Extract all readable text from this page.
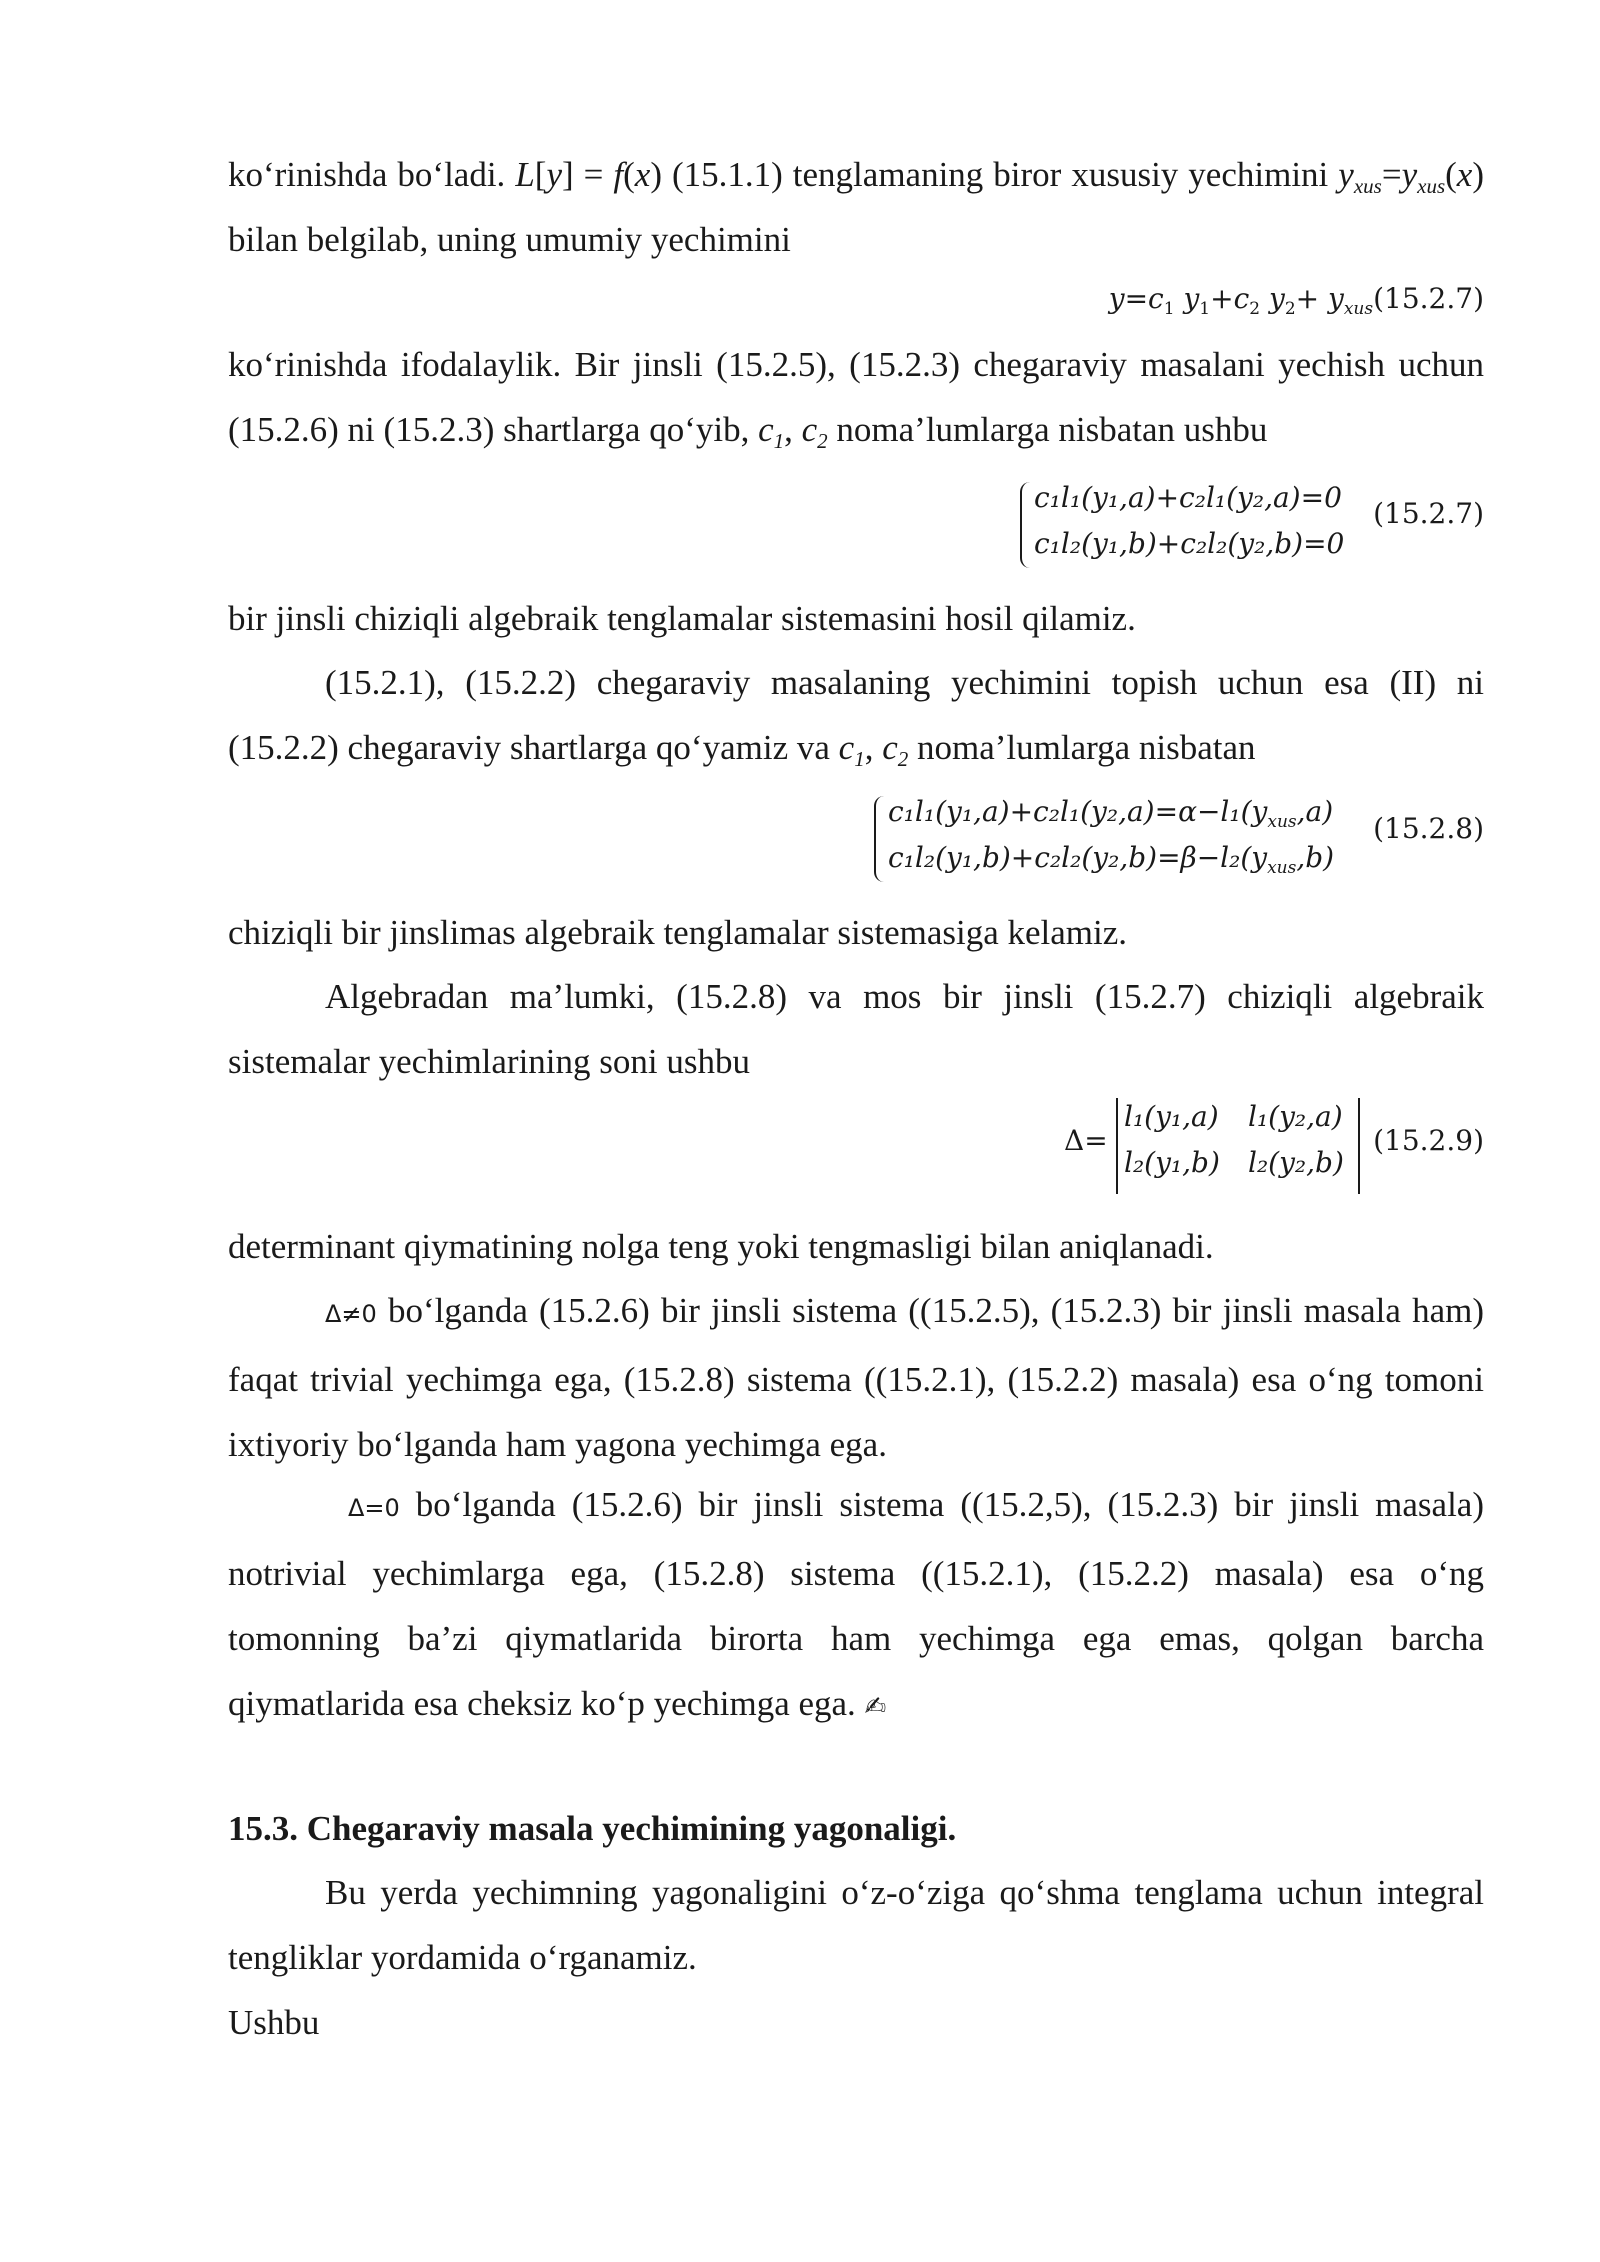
ko‘rinishda bo‘ladi. L[y] = f(x) (15.1.1) tenglamaning biror xususiy yechimini $y_{xus}=y_{xus}(x)$ bilan belgilab, uning umumiy yechimini

$y=c_1$ $y_1+c_2$ $y_2+ y_{xus}(15.2.7)$

ko‘rinishda ifodalaylik. Bir jinsli (15.2.5), (15.2.3) chegaraviy masalani yechish uchun (15.2.6) ni (15.2.3) shartlarga qo‘yib, $c_1$, $c_2$ noma’lumlarga nisbatan ushbu

c₁l₁(y₁,a)+c₂l₁(y₂,a)=0
c₁l₂(y₁,b)+c₂l₂(y₂,b)=0
(15.2.7)

bir jinsli chiziqli algebraik tenglamalar sistemasini hosil qilamiz.

(15.2.1), (15.2.2) chegaraviy masalaning yechimini topish uchun esa (II) ni (15.2.2) chegaraviy shartlarga qo‘yamiz va $c_1$, $c_2$ noma’lumlarga nisbatan

$c_1l_1(y_1,a)+c_2l_1(y_2,a)=\alpha-l_1(y_{xus},a)$
$c_1l_2(y_1,b)+c_2l_2(y_2,b)=\beta-l_2(y_{xus},b)$
(15.2.8)

chiziqli bir jinslimas algebraik tenglamalar sistemasiga kelamiz.

Algebradan ma’lumki, (15.2.8) va mos bir jinsli (15.2.7) chiziqli algebraik sistemalar yechimlarining soni ushbu

Δ=
l₁(y₁,a) l₁(y₂,a)
l₂(y₁,b) l₂(y₂,b)
(15.2.9)

determinant qiymatining nolga teng yoki tengmasligi bilan aniqlanadi.

Δ≠0 bo‘lganda (15.2.6) bir jinsli sistema ((15.2.5), (15.2.3) bir jinsli masala ham) faqat trivial yechimga ega, (15.2.8) sistema ((15.2.1), (15.2.2) masala) esa o‘ng tomoni ixtiyoriy bo‘lganda ham yagona yechimga ega.

Δ=0 bo‘lganda (15.2.6) bir jinsli sistema ((15.2,5), (15.2.3) bir jinsli masala) notrivial yechimlarga ega, (15.2.8) sistema ((15.2.1), (15.2.2) masala) esa o‘ng tomonning ba’zi qiymatlarida birorta ham yechimga ega emas, qolgan barcha qiymatlarida esa cheksiz ko‘p yechimga ega. ✍

15.3. Chegaraviy masala yechimining yagonaligi.

Bu yerda yechimning yagonaligini o‘z-o‘ziga qo‘shma tenglama uchun integral tengliklar yordamida o‘rganamiz.

Ushbu
